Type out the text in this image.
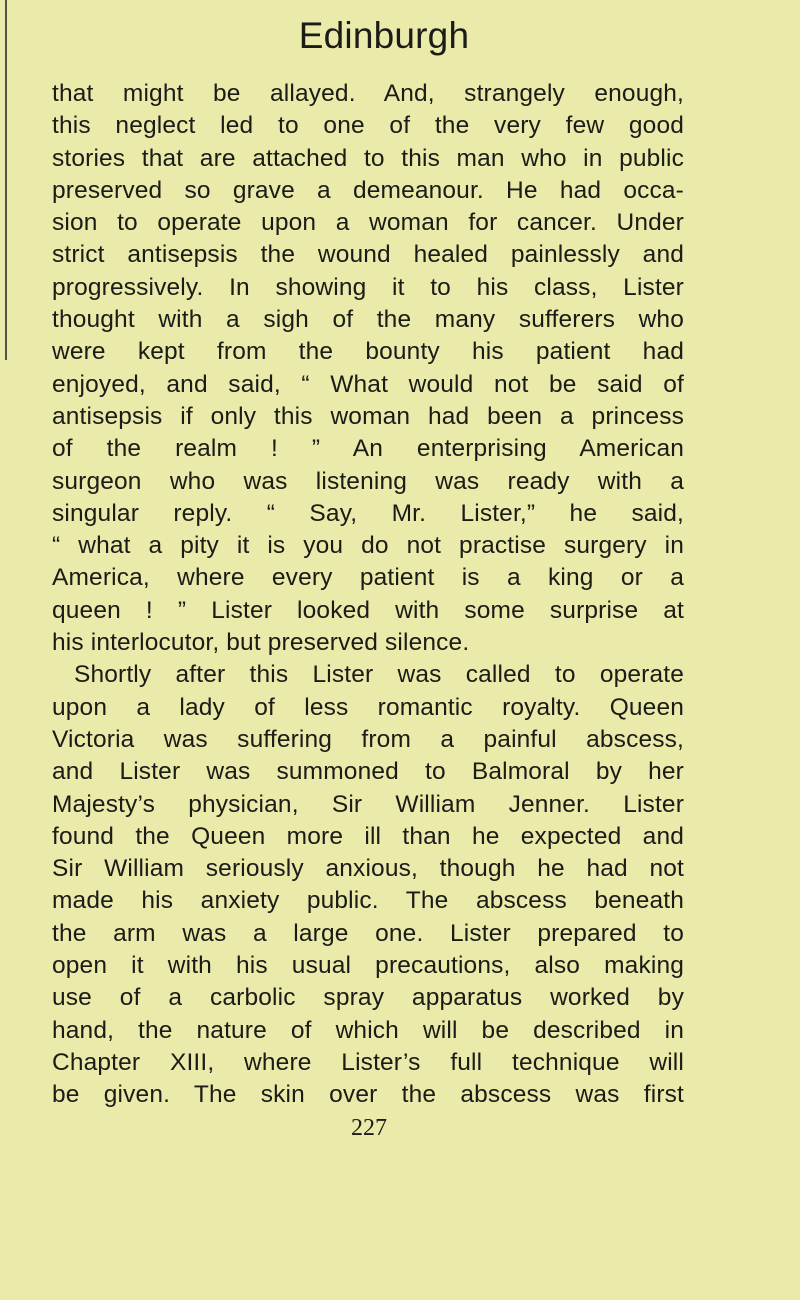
Edinburgh
that might be allayed. And, strangely enough,
this neglect led to one of the very few good
stories that are attached to this man who in public
preserved so grave a demeanour. He had occa-
sion to operate upon a woman for cancer. Under
strict antisepsis the wound healed painlessly and
progressively. In showing it to his class, Lister
thought with a sigh of the many sufferers who
were kept from the bounty his patient had
enjoyed, and said, “ What would not be said of
antisepsis if only this woman had been a princess
of the realm ! ” An enterprising American
surgeon who was listening was ready with a
singular reply. “ Say, Mr. Lister,” he said,
“ what a pity it is you do not practise surgery in
America, where every patient is a king or a
queen ! ” Lister looked with some surprise at
his interlocutor, but preserved silence.
Shortly after this Lister was called to operate
upon a lady of less romantic royalty. Queen
Victoria was suffering from a painful abscess,
and Lister was summoned to Balmoral by her
Majesty’s physician, Sir William Jenner. Lister
found the Queen more ill than he expected and
Sir William seriously anxious, though he had not
made his anxiety public. The abscess beneath
the arm was a large one. Lister prepared to
open it with his usual precautions, also making
use of a carbolic spray apparatus worked by
hand, the nature of which will be described in
Chapter XIII, where Lister’s full technique will
be given. The skin over the abscess was first
227
